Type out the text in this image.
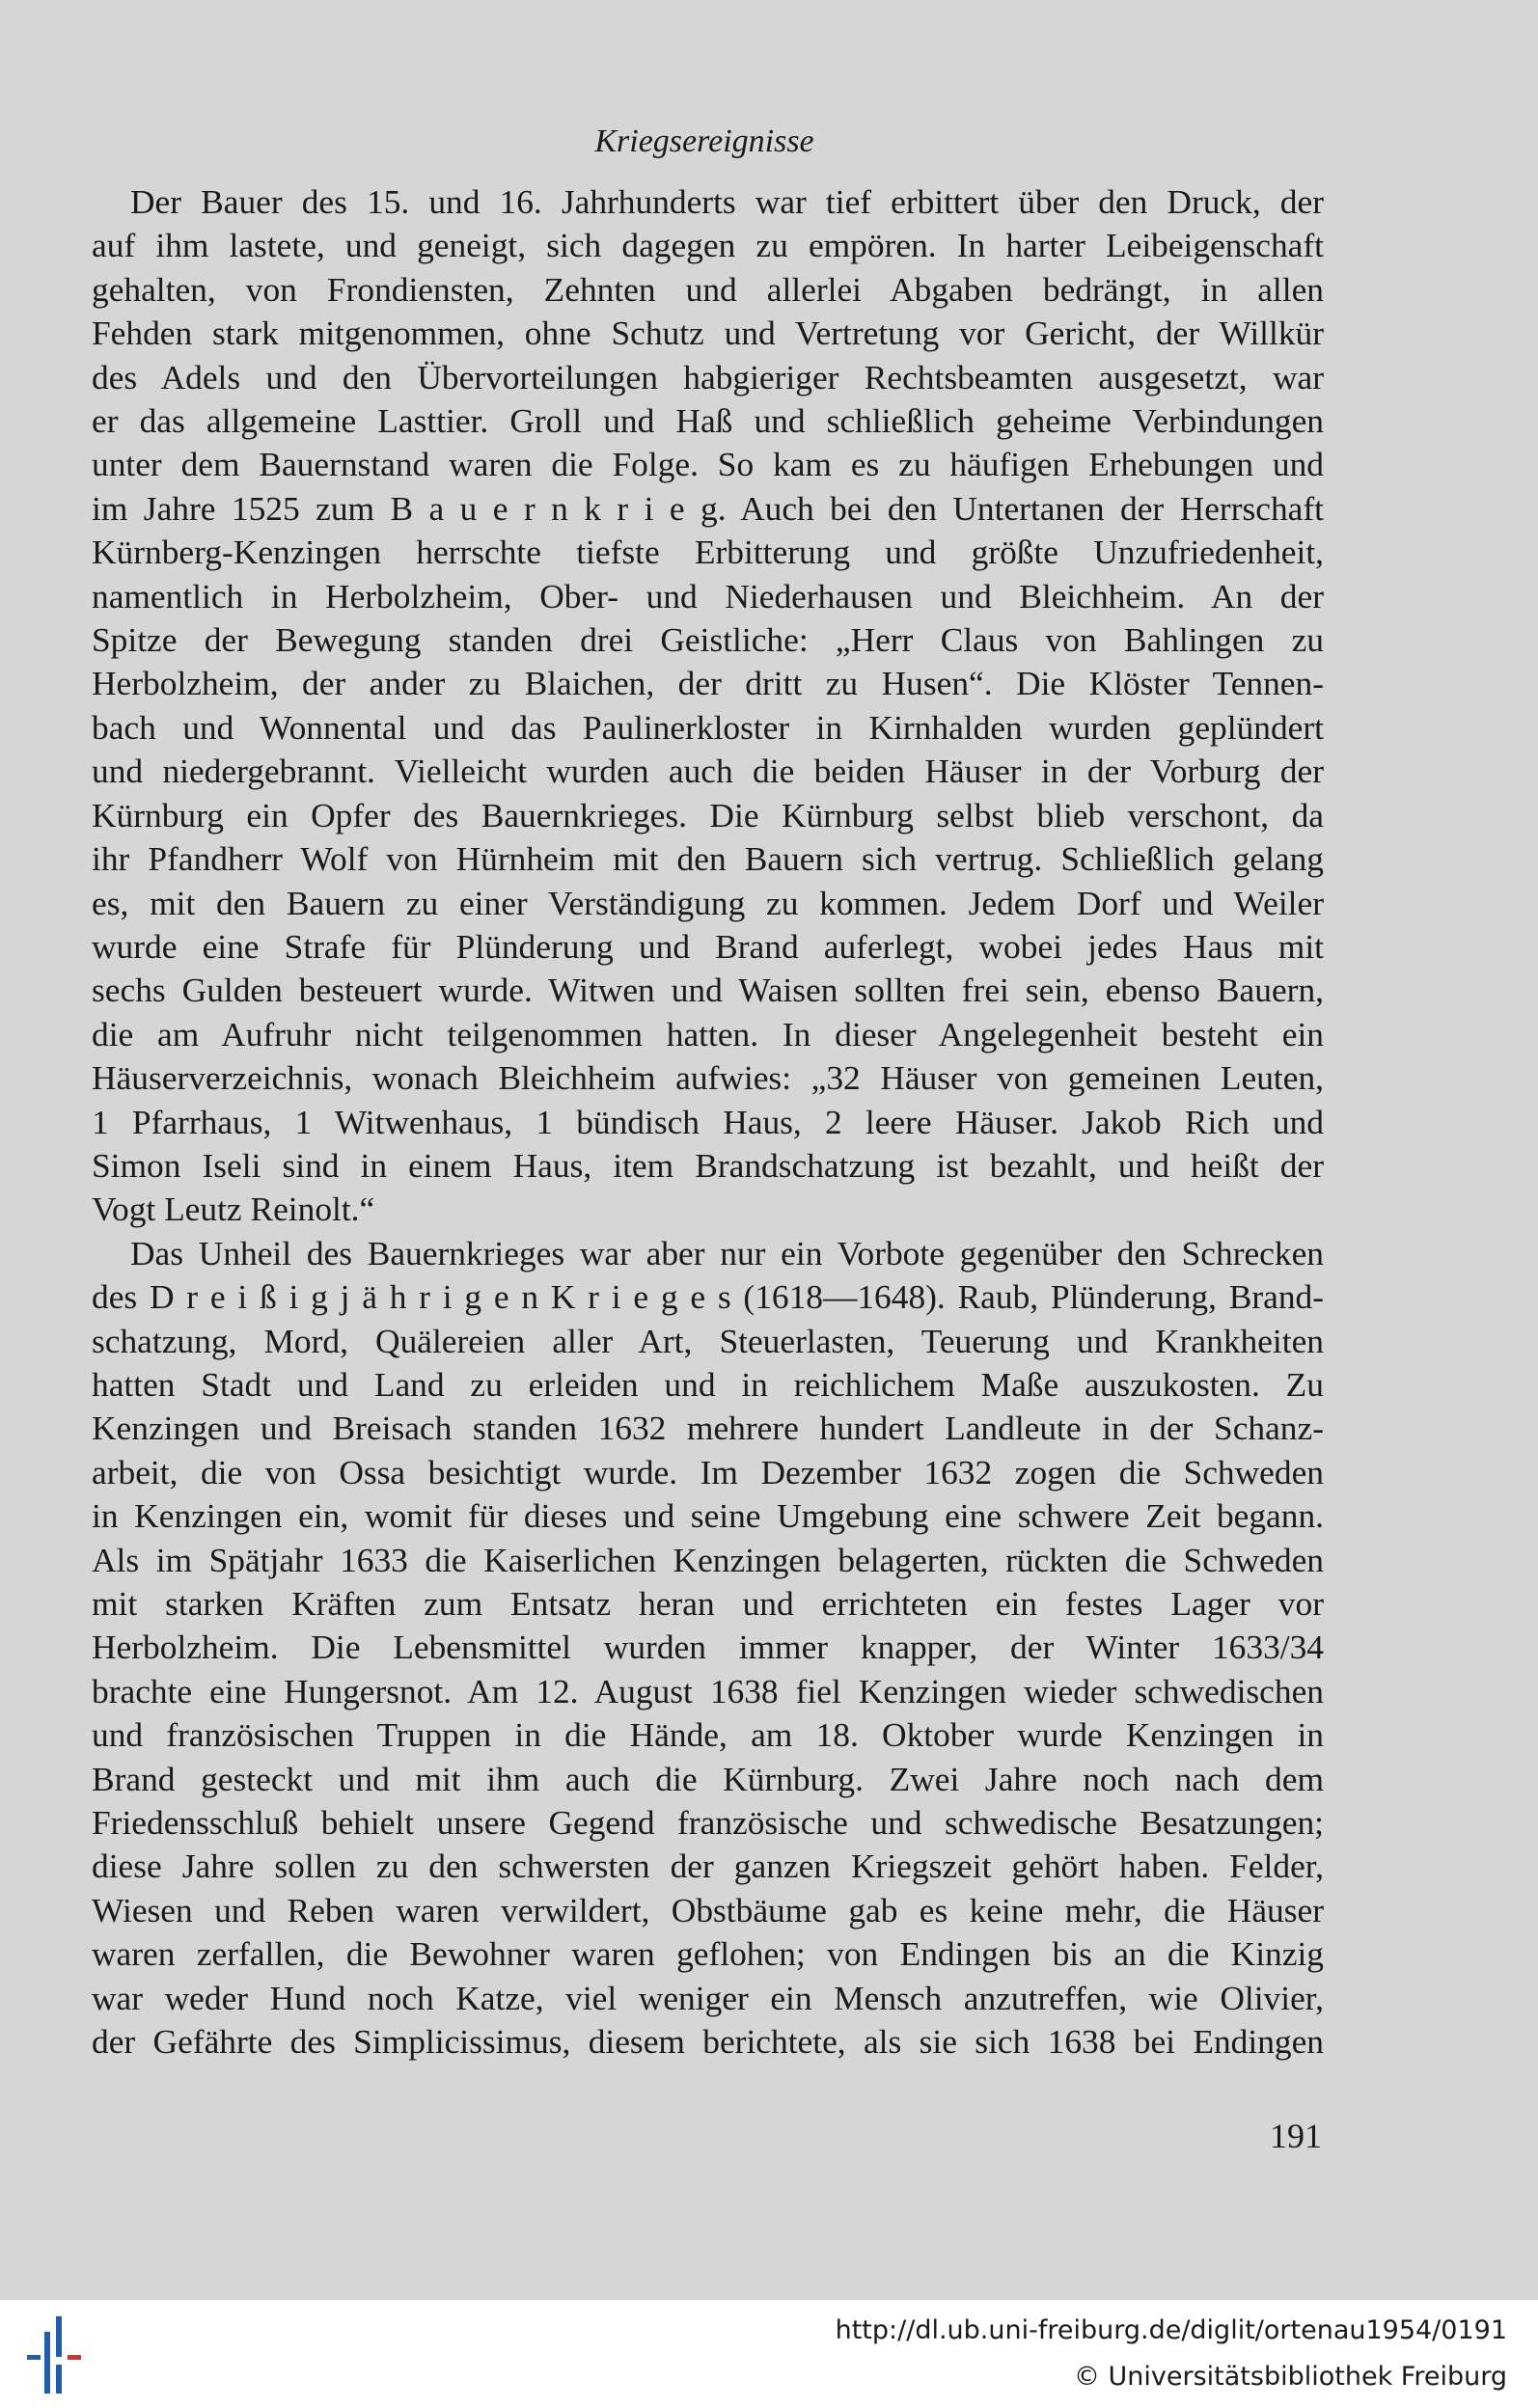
Kriegsereignisse
Der Bauer des 15. und 16. Jahrhunderts war tief erbittert über den Druck, der
auf ihm lastete, und geneigt, sich dagegen zu empören. In harter Leibeigenschaft
gehalten, von Frondiensten, Zehnten und allerlei Abgaben bedrängt, in allen
Fehden stark mitgenommen, ohne Schutz und Vertretung vor Gericht, der Willkür
des Adels und den Übervorteilungen habgieriger Rechtsbeamten ausgesetzt, war
er das allgemeine Lasttier. Groll und Haß und schließlich geheime Verbindungen
unter dem Bauernstand waren die Folge. So kam es zu häufigen Erhebungen und
im Jahre 1525 zum B a u e r n k r i e g. Auch bei den Untertanen der Herrschaft
Kürnberg-Kenzingen herrschte tiefste Erbitterung und größte Unzufriedenheit,
namentlich in Herbolzheim, Ober- und Niederhausen und Bleichheim. An der
Spitze der Bewegung standen drei Geistliche: „Herr Claus von Bahlingen zu
Herbolzheim, der ander zu Blaichen, der dritt zu Husen“. Die Klöster Tennen-
bach und Wonnental und das Paulinerkloster in Kirnhalden wurden geplündert
und niedergebrannt. Vielleicht wurden auch die beiden Häuser in der Vorburg der
Kürnburg ein Opfer des Bauernkrieges. Die Kürnburg selbst blieb verschont, da
ihr Pfandherr Wolf von Hürnheim mit den Bauern sich vertrug. Schließlich gelang
es, mit den Bauern zu einer Verständigung zu kommen. Jedem Dorf und Weiler
wurde eine Strafe für Plünderung und Brand auferlegt, wobei jedes Haus mit
sechs Gulden besteuert wurde. Witwen und Waisen sollten frei sein, ebenso Bauern,
die am Aufruhr nicht teilgenommen hatten. In dieser Angelegenheit besteht ein
Häuserverzeichnis, wonach Bleichheim aufwies: „32 Häuser von gemeinen Leuten,
1 Pfarrhaus, 1 Witwenhaus, 1 bündisch Haus, 2 leere Häuser. Jakob Rich und
Simon Iseli sind in einem Haus, item Brandschatzung ist bezahlt, und heißt der
Vogt Leutz Reinolt.“
Das Unheil des Bauernkrieges war aber nur ein Vorbote gegenüber den Schrecken
des D r e i ß i g j ä h r i g e n K r i e g e s (1618—1648). Raub, Plünderung, Brand-
schatzung, Mord, Quälereien aller Art, Steuerlasten, Teuerung und Krankheiten
hatten Stadt und Land zu erleiden und in reichlichem Maße auszukosten. Zu
Kenzingen und Breisach standen 1632 mehrere hundert Landleute in der Schanz-
arbeit, die von Ossa besichtigt wurde. Im Dezember 1632 zogen die Schweden
in Kenzingen ein, womit für dieses und seine Umgebung eine schwere Zeit begann.
Als im Spätjahr 1633 die Kaiserlichen Kenzingen belagerten, rückten die Schweden
mit starken Kräften zum Entsatz heran und errichteten ein festes Lager vor
Herbolzheim. Die Lebensmittel wurden immer knapper, der Winter 1633/34
brachte eine Hungersnot. Am 12. August 1638 fiel Kenzingen wieder schwedischen
und französischen Truppen in die Hände, am 18. Oktober wurde Kenzingen in
Brand gesteckt und mit ihm auch die Kürnburg. Zwei Jahre noch nach dem
Friedensschluß behielt unsere Gegend französische und schwedische Besatzungen;
diese Jahre sollen zu den schwersten der ganzen Kriegszeit gehört haben. Felder,
Wiesen und Reben waren verwildert, Obstbäume gab es keine mehr, die Häuser
waren zerfallen, die Bewohner waren geflohen; von Endingen bis an die Kinzig
war weder Hund noch Katze, viel weniger ein Mensch anzutreffen, wie Olivier,
der Gefährte des Simplicissimus, diesem berichtete, als sie sich 1638 bei Endingen
191
http://dl.ub.uni-freiburg.de/diglit/ortenau1954/0191
© Universitätsbibliothek Freiburg
